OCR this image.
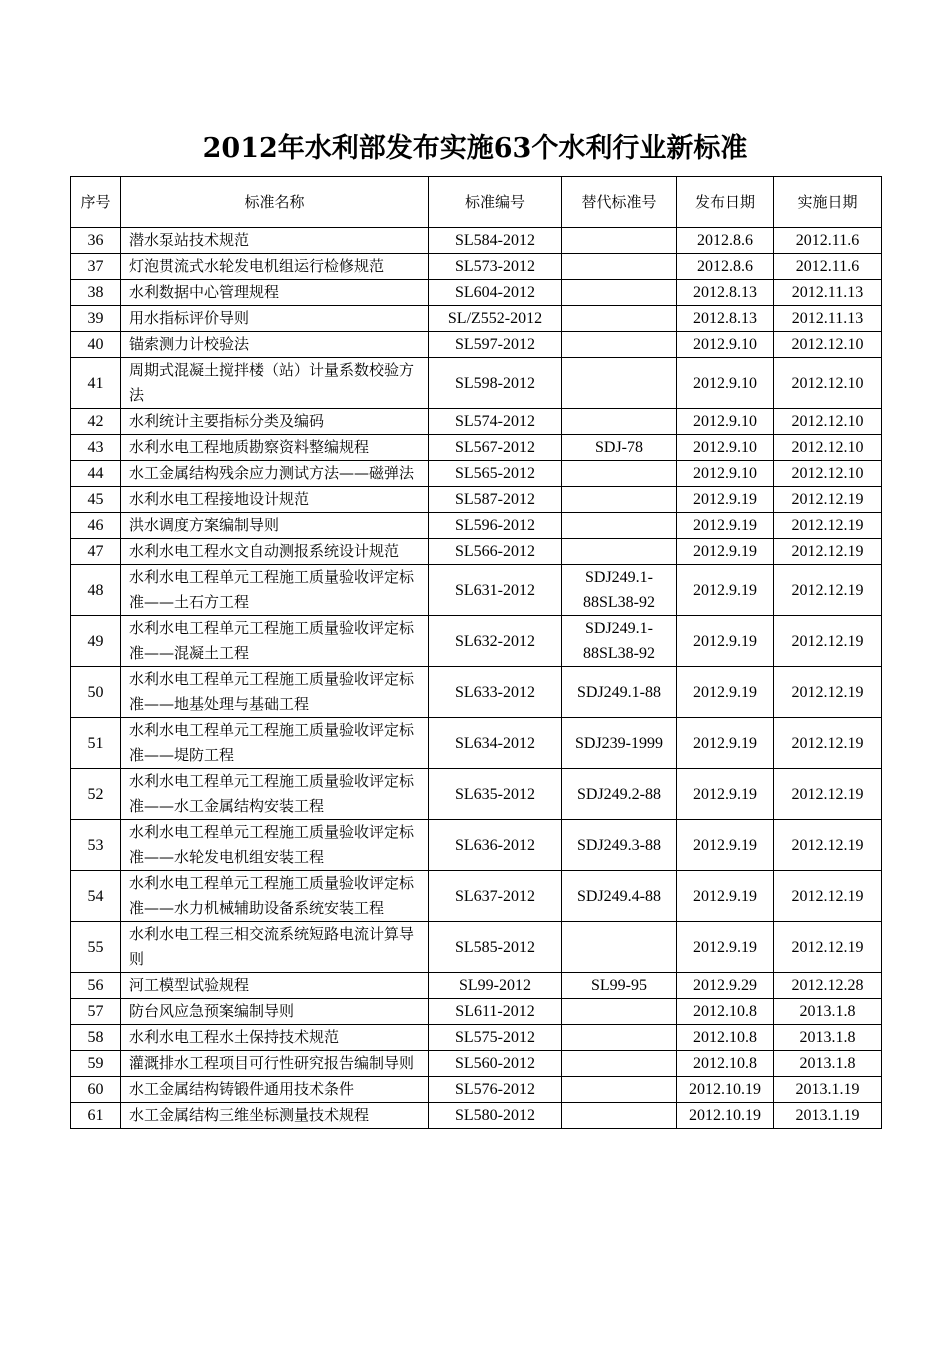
2012年水利部发布实施63个水利行业新标准
序号	标准名称	标准编号	替代标准号	发布日期	实施日期
36	潜水泵站技术规范	SL584-2012		2012.8.6	2012.11.6
37	灯泡贯流式水轮发电机组运行检修规范	SL573-2012		2012.8.6	2012.11.6
38	水利数据中心管理规程	SL604-2012		2012.8.13	2012.11.13
39	用水指标评价导则	SL/Z552-2012		2012.8.13	2012.11.13
40	锚索测力计校验法	SL597-2012		2012.9.10	2012.12.10
41	周期式混凝土搅拌楼（站）计量系数校验方法	SL598-2012		2012.9.10	2012.12.10
42	水利统计主要指标分类及编码	SL574-2012		2012.9.10	2012.12.10
43	水利水电工程地质勘察资料整编规程	SL567-2012	SDJ-78	2012.9.10	2012.12.10
44	水工金属结构残余应力测试方法——磁弹法	SL565-2012		2012.9.10	2012.12.10
45	水利水电工程接地设计规范	SL587-2012		2012.9.19	2012.12.19
46	洪水调度方案编制导则	SL596-2012		2012.9.19	2012.12.19
47	水利水电工程水文自动测报系统设计规范	SL566-2012		2012.9.19	2012.12.19
48	水利水电工程单元工程施工质量验收评定标准——土石方工程	SL631-2012	SDJ249.1-88SL38-92	2012.9.19	2012.12.19
49	水利水电工程单元工程施工质量验收评定标准——混凝土工程	SL632-2012	SDJ249.1-88SL38-92	2012.9.19	2012.12.19
50	水利水电工程单元工程施工质量验收评定标准——地基处理与基础工程	SL633-2012	SDJ249.1-88	2012.9.19	2012.12.19
51	水利水电工程单元工程施工质量验收评定标准——堤防工程	SL634-2012	SDJ239-1999	2012.9.19	2012.12.19
52	水利水电工程单元工程施工质量验收评定标准——水工金属结构安装工程	SL635-2012	SDJ249.2-88	2012.9.19	2012.12.19
53	水利水电工程单元工程施工质量验收评定标准——水轮发电机组安装工程	SL636-2012	SDJ249.3-88	2012.9.19	2012.12.19
54	水利水电工程单元工程施工质量验收评定标准——水力机械辅助设备系统安装工程	SL637-2012	SDJ249.4-88	2012.9.19	2012.12.19
55	水利水电工程三相交流系统短路电流计算导则	SL585-2012		2012.9.19	2012.12.19
56	河工模型试验规程	SL99-2012	SL99-95	2012.9.29	2012.12.28
57	防台风应急预案编制导则	SL611-2012		2012.10.8	2013.1.8
58	水利水电工程水土保持技术规范	SL575-2012		2012.10.8	2013.1.8
59	灌溉排水工程项目可行性研究报告编制导则	SL560-2012		2012.10.8	2013.1.8
60	水工金属结构铸锻件通用技术条件	SL576-2012		2012.10.19	2013.1.19
61	水工金属结构三维坐标测量技术规程	SL580-2012		2012.10.19	2013.1.19
